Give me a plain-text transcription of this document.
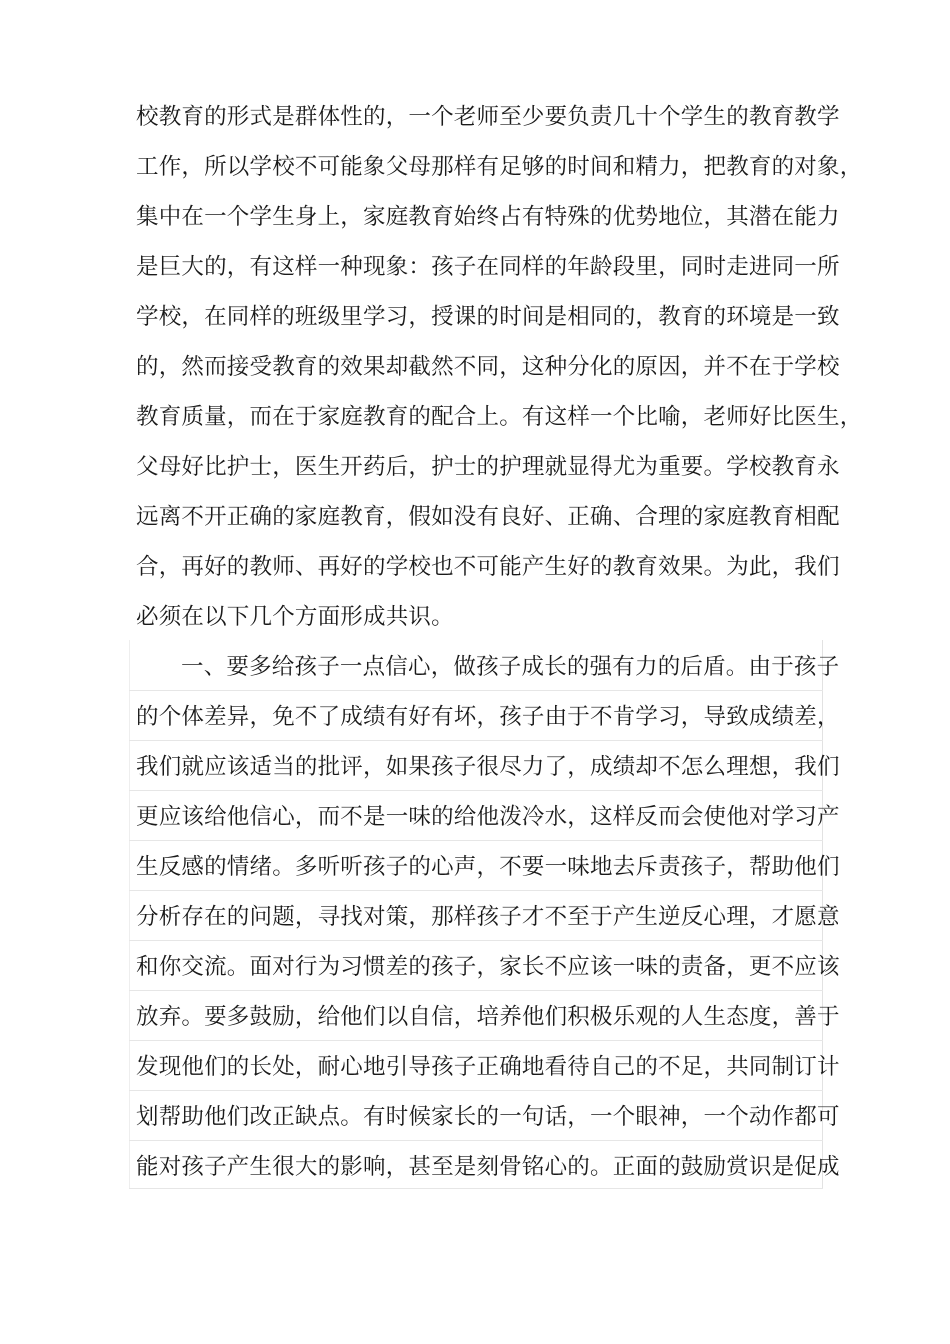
校教育的形式是群体性的，一个老师至少要负责几十个学生的教育教学
工作，所以学校不可能象父母那样有足够的时间和精力，把教育的对象，
集中在一个学生身上，家庭教育始终占有特殊的优势地位，其潜在能力
是巨大的，有这样一种现象：孩子在同样的年龄段里，同时走进同一所
学校，在同样的班级里学习，授课的时间是相同的，教育的环境是一致
的，然而接受教育的效果却截然不同，这种分化的原因，并不在于学校
教育质量，而在于家庭教育的配合上。有这样一个比喻，老师好比医生，
父母好比护士，医生开药后，护士的护理就显得尤为重要。学校教育永
远离不开正确的家庭教育，假如没有良好、正确、合理的家庭教育相配
合，再好的教师、再好的学校也不可能产生好的教育效果。为此，我们
必须在以下几个方面形成共识。

一、要多给孩子一点信心，做孩子成长的强有力的后盾。由于孩子
的个体差异，免不了成绩有好有坏，孩子由于不肯学习，导致成绩差，
我们就应该适当的批评，如果孩子很尽力了，成绩却不怎么理想，我们
更应该给他信心，而不是一味的给他泼冷水，这样反而会使他对学习产
生反感的情绪。多听听孩子的心声，不要一味地去斥责孩子，帮助他们
分析存在的问题，寻找对策，那样孩子才不至于产生逆反心理，才愿意
和你交流。面对行为习惯差的孩子，家长不应该一味的责备，更不应该
放弃。要多鼓励，给他们以自信，培养他们积极乐观的人生态度，善于
发现他们的长处，耐心地引导孩子正确地看待自己的不足，共同制订计
划帮助他们改正缺点。有时候家长的一句话，一个眼神，一个动作都可
能对孩子产生很大的影响，甚至是刻骨铭心的。正面的鼓励赏识是促成
